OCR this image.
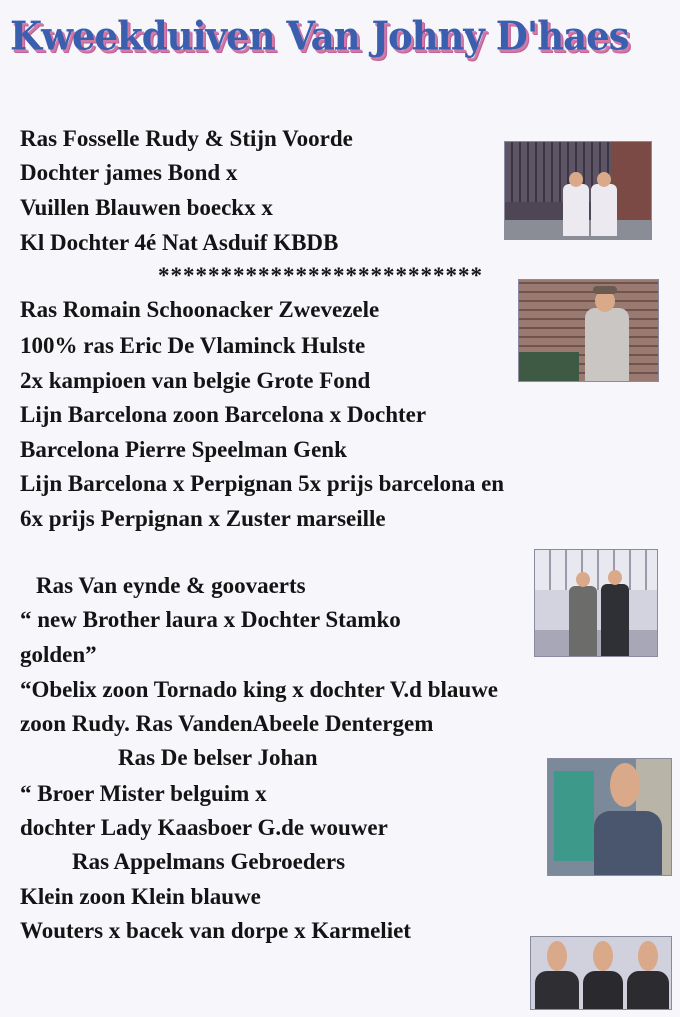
Kweekduiven Van Johny D'haes
Ras Fosselle Rudy & Stijn Voorde
Dochter james Bond x
Vuillen Blauwen boeckx x
Kl Dochter 4é Nat Asduif KBDB
**************************
Ras Romain Schoonacker Zwevezele
100% ras Eric De Vlaminck Hulste
2x kampioen van belgie Grote Fond
Lijn Barcelona zoon Barcelona x Dochter
Barcelona Pierre Speelman Genk
Lijn Barcelona x Perpignan 5x prijs barcelona en
6x prijs Perpignan x Zuster marseille
Ras Van eynde & goovaerts
“ new Brother laura x Dochter Stamko
golden”
“Obelix zoon Tornado king x dochter V.d blauwe
zoon Rudy. Ras VandenAbeele Dentergem
Ras De belser Johan
“ Broer Mister belguim x
dochter Lady Kaasboer G.de wouwer
Ras Appelmans Gebroeders
Klein zoon Klein blauwe
Wouters x bacek van dorpe x Karmeliet
